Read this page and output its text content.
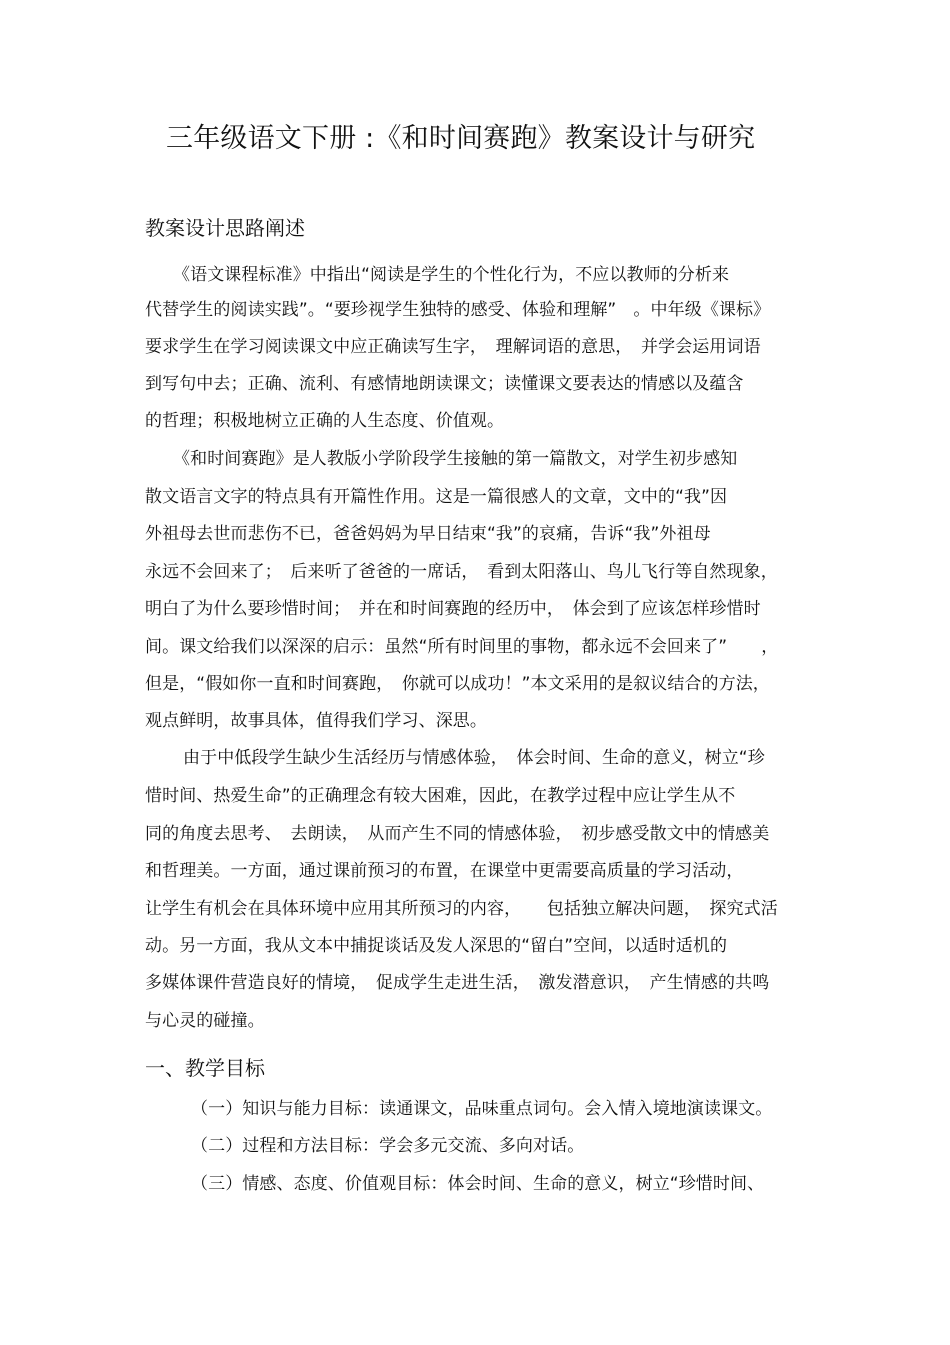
三年级语文下册 :《和时间赛跑》教案设计与研究
教案设计思路阐述
《语文课程标准》中指出“阅读是学生的个性化行为，不应以教师的分析来
代替学生的阅读实践”。“要珍视学生独特的感受、体验和理解”　。中年级《课标》
要求学生在学习阅读课文中应正确读写生字，　理解词语的意思，　并学会运用词语
到写句中去；正确、流利、有感情地朗读课文；读懂课文要表达的情感以及蕴含
的哲理；积极地树立正确的人生态度、价值观。
《和时间赛跑》是人教版小学阶段学生接触的第一篇散文，对学生初步感知
散文语言文字的特点具有开篇性作用。这是一篇很感人的文章，文中的“我”因
外祖母去世而悲伤不已，爸爸妈妈为早日结束“我”的哀痛，告诉“我”外祖母
永远不会回来了；　后来听了爸爸的一席话，　看到太阳落山、鸟儿飞行等自然现象，
明白了为什么要珍惜时间；　并在和时间赛跑的经历中，　体会到了应该怎样珍惜时
间。课文给我们以深深的启示：虽然“所有时间里的事物，都永远不会回来了”　　，
但是，“假如你一直和时间赛跑，　你就可以成功！”本文采用的是叙议结合的方法，
观点鲜明，故事具体，值得我们学习、深思。
由于中低段学生缺少生活经历与情感体验，　体会时间、生命的意义，树立“珍
惜时间、热爱生命”的正确理念有较大困难，因此，在教学过程中应让学生从不
同的角度去思考、　去朗读，　从而产生不同的情感体验，　初步感受散文中的情感美
和哲理美。一方面，通过课前预习的布置，在课堂中更需要高质量的学习活动，
让学生有机会在具体环境中应用其所预习的内容，　　包括独立解决问题，　探究式活
动。另一方面，我从文本中捕捉谈话及发人深思的“留白”空间，以适时适机的
多媒体课件营造良好的情境，　促成学生走进生活，　激发潜意识，　产生情感的共鸣
与心灵的碰撞。
一、教学目标
（一）知识与能力目标：读通课文，品味重点词句。会入情入境地演读课文。
（二）过程和方法目标：学会多元交流、多向对话。
（三）情感、态度、价值观目标：体会时间、生命的意义，树立“珍惜时间、
